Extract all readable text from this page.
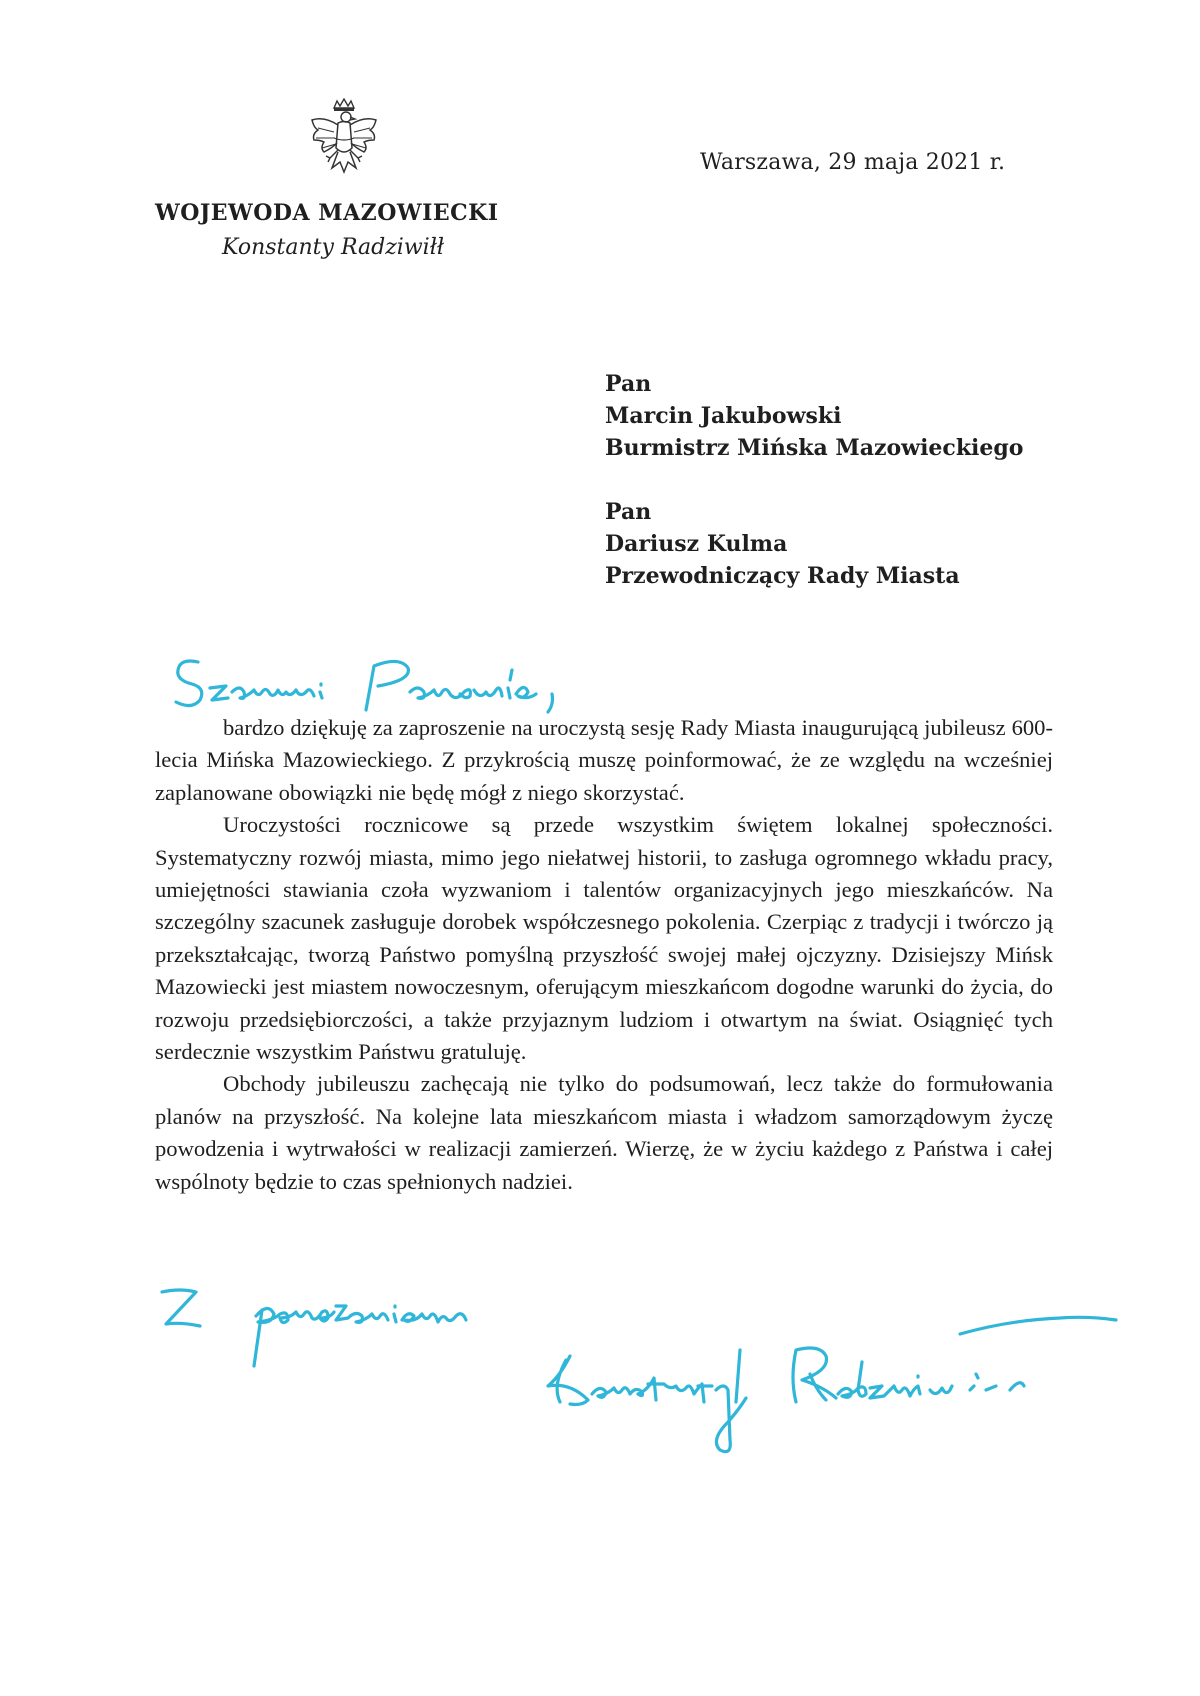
Warszawa, 29 maja 2021 r.
WOJEWODA MAZOWIECKI
Konstanty Radziwiłł
Pan
Marcin Jakubowski
Burmistrz Mińska Mazowieckiego
Pan
Dariusz Kulma
Przewodniczący Rady Miasta

bardzo dziękuję za zaproszenie na uroczystą sesję Rady Miasta inaugurującą jubileusz 600-lecia Mińska Mazowieckiego. Z przykrością muszę poinformować, że ze względu na wcześniej zaplanowane obowiązki nie będę mógł z niego skorzystać.

Uroczystości rocznicowe są przede wszystkim świętem lokalnej społeczności. Systematyczny rozwój miasta, mimo jego niełatwej historii, to zasługa ogromnego wkładu pracy, umiejętności stawiania czoła wyzwaniom i talentów organizacyjnych jego mieszkańców. Na szczególny szacunek zasługuje dorobek współczesnego pokolenia. Czerpiąc z tradycji i twórczo ją przekształcając, tworzą Państwo pomyślną przyszłość swojej małej ojczyzny. Dzisiejszy Mińsk Mazowiecki jest miastem nowoczesnym, oferującym mieszkańcom dogodne warunki do życia, do rozwoju przedsiębiorczości, a także przyjaznym ludziom i otwartym na świat. Osiągnięć tych serdecznie wszystkim Państwu gratuluję.

Obchody jubileuszu zachęcają nie tylko do podsumowań, lecz także do formułowania planów na przyszłość. Na kolejne lata mieszkańcom miasta i władzom samorządowym życzę powodzenia i wytrwałości w realizacji zamierzeń. Wierzę, że w życiu każdego z Państwa i całej wspólnoty będzie to czas spełnionych nadziei.
